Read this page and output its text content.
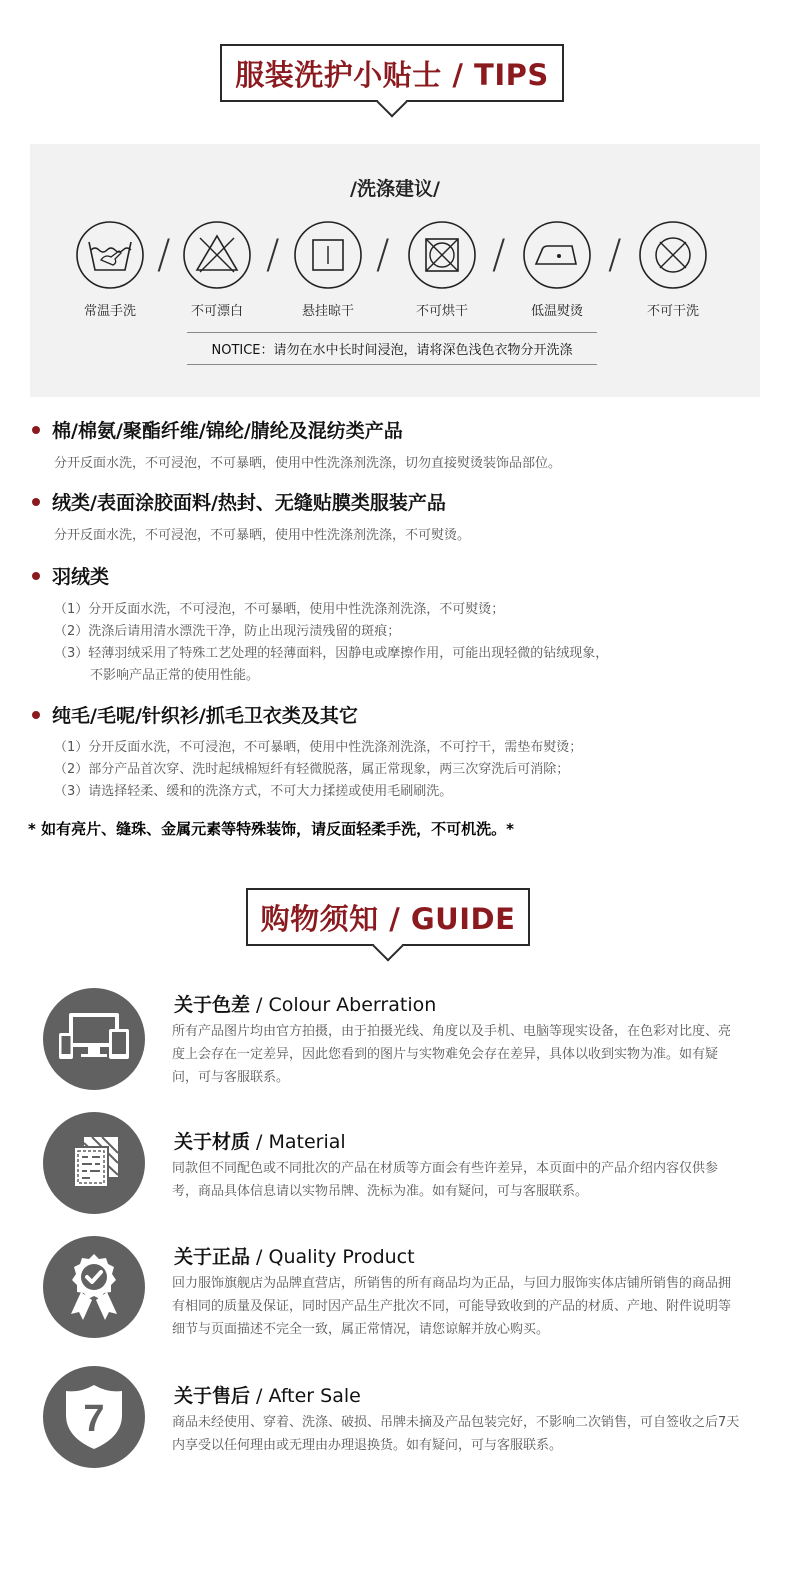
服装洗护小贴士 / TIPS
/洗涤建议/
常温手洗
/
不可漂白
/
悬挂晾干
/
不可烘干
/
低温熨烫
/
不可干洗
NOTICE：请勿在水中长时间浸泡，请将深色浅色衣物分开洗涤
棉/棉氨/聚酯纤维/锦纶/腈纶及混纺类产品
分开反面水洗，不可浸泡，不可暴晒，使用中性洗涤剂洗涤，切勿直接熨烫装饰品部位。
绒类/表面涂胶面料/热封、无缝贴膜类服装产品
分开反面水洗，不可浸泡，不可暴晒，使用中性洗涤剂洗涤，不可熨烫。
羽绒类
（1）分开反面水洗，不可浸泡，不可暴晒，使用中性洗涤剂洗涤，不可熨烫；
（2）洗涤后请用清水漂洗干净，防止出现污渍残留的斑痕；
（3）轻薄羽绒采用了特殊工艺处理的轻薄面料，因静电或摩擦作用，可能出现轻微的钻绒现象，
不影响产品正常的使用性能。
纯毛/毛呢/针织衫/抓毛卫衣类及其它
（1）分开反面水洗，不可浸泡，不可暴晒，使用中性洗涤剂洗涤，不可拧干，需垫布熨烫；
（2）部分产品首次穿、洗时起绒棉短纤有轻微脱落，属正常现象，两三次穿洗后可消除；
（3）请选择轻柔、缓和的洗涤方式，不可大力揉搓或使用毛刷刷洗。
* 如有亮片、缝珠、金属元素等特殊装饰，请反面轻柔手洗，不可机洗。*
购物须知 / GUIDE
关于色差 / Colour Aberration
所有产品图片均由官方拍摄，由于拍摄光线、角度以及手机、电脑等现实设备，在色彩对比度、亮度上会存在一定差异，因此您看到的图片与实物难免会存在差异，具体以收到实物为准。如有疑问，可与客服联系。
关于材质 / Material
同款但不同配色或不同批次的产品在材质等方面会有些许差异，本页面中的产品介绍内容仅供参考，商品具体信息请以实物吊牌、洗标为准。如有疑问，可与客服联系。
关于正品 / Quality Product
回力服饰旗舰店为品牌直营店，所销售的所有商品均为正品，与回力服饰实体店铺所销售的商品拥有相同的质量及保证，同时因产品生产批次不同，可能导致收到的产品的材质、产地、附件说明等细节与页面描述不完全一致，属正常情况，请您谅解并放心购买。
7
关于售后 / After Sale
商品未经使用、穿着、洗涤、破损、吊牌未摘及产品包装完好，不影响二次销售，可自签收之后7天内享受以任何理由或无理由办理退换货。如有疑问，可与客服联系。
